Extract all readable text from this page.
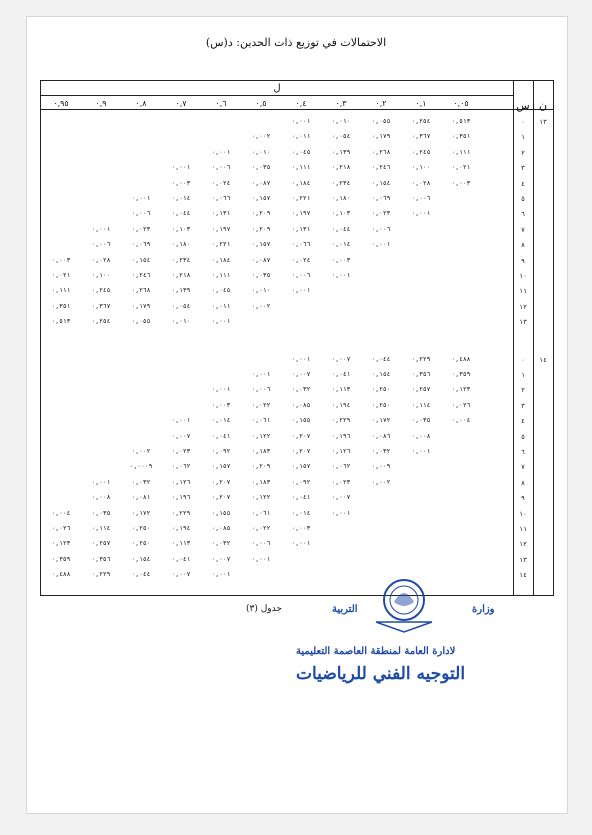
الاحتمالات في توزيع ذات الحدين: د(س)
ل
س ن
٠,٠٥
٠,١
٠,٢
٠,٣
٠,٤
٠,٥
٠,٦
٠,٧
٠,٨
٠,٩
٠,٩٥
١٣
٠
٠,٥١٣
٠,٢٥٤
٠,٠٥٥
٠,٠١٠
٠,٠٠١
١
٠,٣٥١
٠,٣٦٧
٠,١٧٩
٠,٠٥٤
٠,٠١١
٠,٠٠٢
٢
٠,١١١
٠,٢٤٥
٠,٢٦٨
٠,١٣٩
٠,٠٤٥
٠,٠١٠
٠,٠٠١
٣
٠,٠٢١
٠,١٠٠
٠,٢٤٦
٠,٢١٨
٠,١١١
٠,٠٣٥
٠,٠٠٦
٠,٠٠١
٤
٠,٠٠٣
٠,٠٢٨
٠,١٥٤
٠,٢٣٤
٠,١٨٤
٠,٠٨٧
٠,٠٢٤
٠,٠٠٣
٥
٠,٠٠٦
٠,٠٦٩
٠,١٨٠
٠,٢٢١
٠,١٥٧
٠,٠٦٦
٠,٠١٤
٠,٠٠١
٦
٠,٠٠١
٠,٠٢٣
٠,١٠٣
٠,١٩٧
٠,٢٠٩
٠,١٣١
٠,٠٤٤
٠,٠٠٦
٧
٠,٠٠٦
٠,٠٤٤
٠,١٣١
٠,٢٠٩
٠,١٩٧
٠,١٠٣
٠,٠٢٣
٠,٠٠١
٨
٠,٠٠١
٠,٠١٤
٠,٠٦٦
٠,١٥٧
٠,٢٢١
٠,١٨٠
٠,٠٦٩
٠,٠٠٦
٩
٠,٠٠٣
٠,٠٢٤
٠,٠٨٧
٠,١٨٤
٠,٢٣٤
٠,١٥٤
٠,٠٢٨
٠,٠٠٣
١٠
٠,٠٠١
٠,٠٠٦
٠,٠٣٥
٠,١١١
٠,٢١٨
٠,٢٤٦
٠,١٠٠
٠,٠٢١
١١
٠,٠٠١
٠,٠١٠
٠,٠٤٥
٠,١٣٩
٠,٢٦٨
٠,٢٤٥
٠,١١١
١٢
٠,٠٠٢
٠,٠١١
٠,٠٥٤
٠,١٧٩
٠,٣٦٧
٠,٣٥١
١٣
٠,٠٠١
٠,٠١٠
٠,٠٥٥
٠,٢٥٤
٠,٥١٣
١٤
٠
٠,٤٨٨
٠,٢٢٩
٠,٠٤٤
٠,٠٠٧
٠,٠٠١
١
٠,٣٥٩
٠,٣٥٦
٠,١٥٤
٠,٠٤١
٠,٠٠٧
٠,٠٠١
٢
٠,١٢٣
٠,٢٥٧
٠,٢٥٠
٠,١١٣
٠,٠٣٢
٠,٠٠٦
٠,٠٠١
٣
٠,٠٢٦
٠,١١٤
٠,٢٥٠
٠,١٩٤
٠,٠٨٥
٠,٠٢٢
٠,٠٠٣
٤
٠,٠٠٤
٠,٠٣٥
٠,١٧٢
٠,٢٢٩
٠,١٥٥
٠,٠٦١
٠,٠١٤
٠,٠٠١
٥
٠,٠٠٨
٠,٠٨٦
٠,١٩٦
٠,٢٠٧
٠,١٢٢
٠,٠٤١
٠,٠٠٧
٦
٠,٠٠١
٠,٠٣٢
٠,١٢٦
٠,٢٠٧
٠,١٨٣
٠,٠٩٢
٠,٠٢٣
٠,٠٠٢
٧
٠,٠٠٩
٠,٠٦٢
٠,١٥٧
٠,٢٠٩
٠,١٥٧
٠,٠٦٢
٠,٠٠٠٩
٨
٠,٠٠٢
٠,٠٢٣
٠,٠٩٢
٠,١٨٣
٠,٢٠٧
٠,١٢٦
٠,٠٣٢
٠,٠٠١
٩
٠,٠٠٧
٠,٠٤١
٠,١٢٢
٠,٢٠٧
٠,١٩٦
٠,٠٨١
٠,٠٠٨
١٠
٠,٠٠١
٠,٠١٤
٠,٠٦١
٠,١٥٥
٠,٢٢٩
٠,١٧٢
٠,٠٣٥
٠,٠٠٤
١١
٠,٠٠٣
٠,٠٢٢
٠,٠٨٥
٠,١٩٤
٠,٢٥٠
٠,١١٤
٠,٠٢٦
١٢
٠,٠٠١
٠,٠٠٦
٠,٠٣٢
٠,١١٣
٠,٢٥٠
٠,٢٥٧
٠,١٢٣
١٣
٠,٠٠١
٠,٠٠٧
٠,٠٤١
٠,١٥٤
٠,٣٥٦
٠,٣٥٩
١٤
٠,٠٠١
٠,٠٠٧
٠,٠٤٤
٠,٢٢٩
٠,٤٨٨
جدول (٣)	وزارة
التربية
لادارة العامة لمنطقة العاصمة التعليمية
التوجيه الفني للرياضيات
